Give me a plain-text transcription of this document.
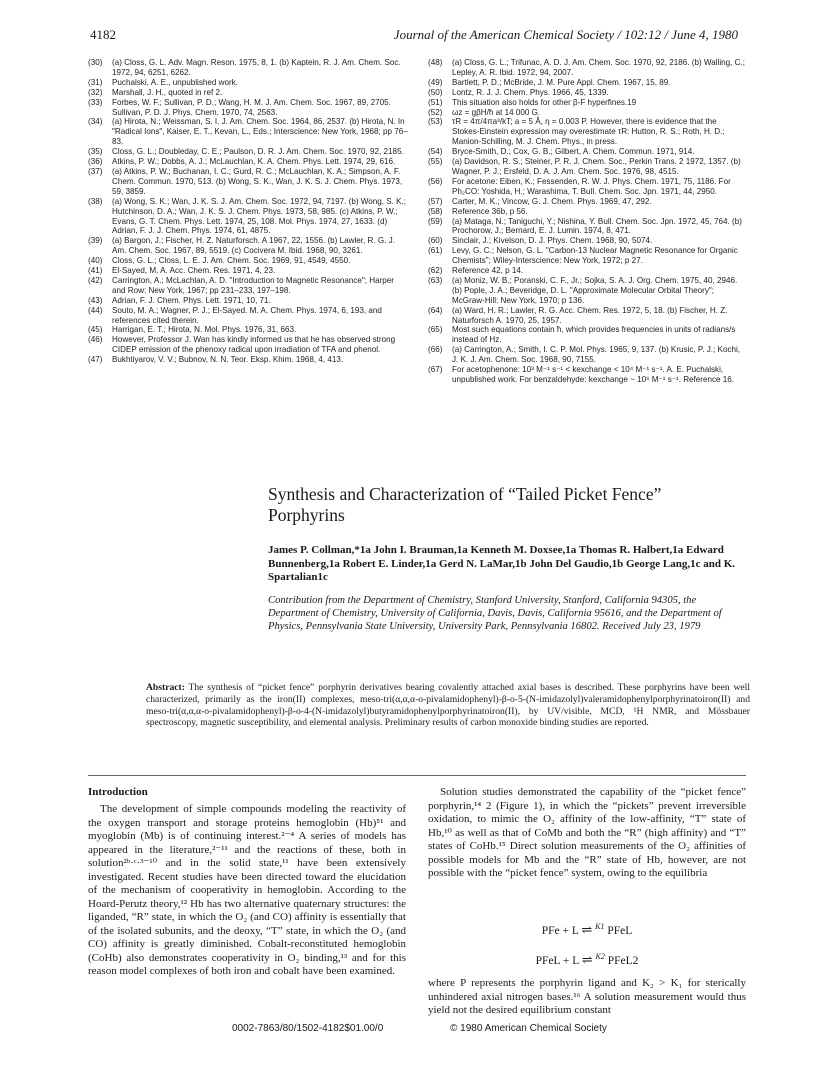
4182	Journal of the American Chemical Society / 102:12 / June 4, 1980
(30)	(a) Closs, G. L. Adv. Magn. Reson. 1975, 8, 1. (b) Kaptein, R. J. Am. Chem. Soc. 1972, 94, 6251, 6262.
(31)	Puchalski, A. E., unpublished work.
(32)	Marshall, J. H., quoted in ref 2.
(33)	Forbes, W. F.; Sullivan, P. D.; Wang, H. M. J. Am. Chem. Soc. 1967, 89, 2705. Sullivan, P. D. J. Phys. Chem. 1970, 74, 2563.
(34)	(a) Hirota, N.; Weissman, S. I. J. Am. Chem. Soc. 1964, 86, 2537. (b) Hirota, N. In "Radical Ions", Kaiser, E. T., Kevan, L., Eds.; Interscience: New York, 1968; pp 76–83.
(35)	Closs, G. L.; Doubleday, C. E.; Paulson, D. R. J. Am. Chem. Soc. 1970, 92, 2185.
(36)	Atkins, P. W.; Dobbs, A. J.; McLauchlan, K. A. Chem. Phys. Lett. 1974, 29, 616.
(37)	(a) Atkins, P. W.; Buchanan, I. C.; Gurd, R. C.; McLauchlan, K. A.; Simpson, A. F. Chem. Commun. 1970, 513. (b) Wong, S. K., Wan, J. K. S. J. Chem. Phys. 1973, 59, 3859.
(38)	(a) Wong, S. K.; Wan, J. K. S. J. Am. Chem. Soc. 1972, 94, 7197. (b) Wong, S. K.; Hutchinson, D. A.; Wan, J. K. S. J. Chem. Phys. 1973, 58, 985. (c) Atkins, P. W.; Evans, G. T. Chem. Phys. Lett. 1974, 25, 108. Mol. Phys. 1974, 27, 1633. (d) Adrian, F. J. J. Chem. Phys. 1974, 61, 4875.
(39)	(a) Bargon, J.; Fischer, H. Z. Naturforsch. A 1967, 22, 1556. (b) Lawler, R. G. J. Am. Chem. Soc. 1967, 89, 5519. (c) Cocivera M. Ibid. 1968, 90, 3261.
(40)	Closs, G. L.; Closs, L. E. J. Am. Chem. Soc. 1969, 91, 4549, 4550.
(41)	El-Sayed, M. A. Acc. Chem. Res. 1971, 4, 23.
(42)	Carrington, A.; McLachlan, A. D. "Introduction to Magnetic Resonance"; Harper and Row: New York, 1967; pp 231–233, 197–198.
(43)	Adrian, F. J. Chem. Phys. Lett. 1971, 10, 71.
(44)	Souto, M. A.; Wagner, P. J.; El-Sayed. M. A. Chem. Phys. 1974, 6, 193, and references cited therein.
(45)	Harrigan, E. T.; Hirota, N. Mol. Phys. 1976, 31, 663.
(46)	However, Professor J. Wan has kindly informed us that he has observed strong CIDEP emission of the phenoxy radical upon irradiation of TFA and phenol.
(47)	Bukhtiyarov, V. V.; Bubnov, N. N. Teor. Eksp. Khim. 1968, 4, 413.
(48)	(a) Closs, G. L.; Trifunac, A. D. J. Am. Chem. Soc. 1970, 92, 2186. (b) Walling, C.; Lepley, A. R. Ibid. 1972, 94, 2007.
(49)	Bartlett, P. D.; McBride, J. M. Pure Appl. Chem. 1967, 15, 89.
(50)	Lontz, R. J. J. Chem. Phys. 1966, 45, 1339.
(51)	This situation also holds for other β-F hyperfines.19
(52)	ωz = gβH/ħ at 14 000 G.
(53)	τR = 4π/4πa³/kT; a = 5 Å, η = 0.003 P. However, there is evidence that the Stokes-Einstein expression may overestimate τR: Hutton, R. S.; Roth, H. D.; Manion-Schilling, M. J. Chem. Phys., in press.
(54)	Bryce-Smith, D.; Cox, G. B.; Gilbert, A. Chem. Commun. 1971, 914.
(55)	(a) Davidson, R. S.; Steiner, P. R. J. Chem. Soc., Perkin Trans. 2 1972, 1357. (b) Wagner, P. J.; Ersfeld, D. A. J. Am. Chem. Soc. 1976, 98, 4515.
(56)	For acetone: Eiben, K.; Fessenden, R. W. J. Phys. Chem. 1971, 75, 1186. For Ph₂CO: Yoshida, H.; Warashima, T. Bull. Chem. Soc. Jpn. 1971, 44, 2950.
(57)	Carter, M. K.; Vincow, G. J. Chem. Phys. 1969, 47, 292.
(58)	Reference 36b, p 56.
(59)	(a) Mataga, N.; Taniguchi, Y.; Nishina, Y. Bull. Chem. Soc. Jpn. 1972, 45, 764. (b) Prochorow, J.; Bernard, E. J. Lumin. 1974, 8, 471.
(60)	Sinclair, J.; Kivelson, D. J. Phys. Chem. 1968, 90, 5074.
(61)	Levy, G. C.; Nelson, G. L. "Carbon-13 Nuclear Magnetic Resonance for Organic Chemists"; Wiley-Interscience: New York, 1972; p 27.
(62)	Reference 42, p 14.
(63)	(a) Moniz, W. B.; Poranski, C. F., Jr.; Sojka, S. A. J. Org. Chem. 1975, 40, 2946. (b) Pople, J. A.; Beveridge, D. L. "Approximate Molecular Orbital Theory"; McGraw-Hill: New York, 1970; p 136.
(64)	(a) Ward, H. R.; Lawler, R. G. Acc. Chem. Res. 1972, 5, 18. (b) Fischer, H. Z. Naturforsch A. 1970, 25, 1957.
(65)	Most such equations contain ħ, which provides frequencies in units of radians/s instead of Hz.
(66)	(a) Carrington, A.; Smith, I. C. P. Mol. Phys. 1965, 9, 137. (b) Krusic, P. J.; Kochi, J. K. J. Am. Chem. Soc. 1968, 90, 7155.
(67)	For acetophenone: 10³ M⁻¹ s⁻¹ < kexchange < 10⁴ M⁻¹ s⁻¹. A. E. Puchalski, unpublished work. For benzaldehyde: kexchange ~ 10⁶ M⁻¹ s⁻¹. Reference 16.
Synthesis and Characterization of “Tailed Picket Fence” Porphyrins
James P. Collman,*1a John I. Brauman,1a Kenneth M. Doxsee,1a Thomas R. Halbert,1a Edward Bunnenberg,1a Robert E. Linder,1a Gerd N. LaMar,1b John Del Gaudio,1b George Lang,1c and K. Spartalian1c
Contribution from the Department of Chemistry, Stanford University, Stanford, California 94305, the Department of Chemistry, University of California, Davis, Davis, California 95616, and the Department of Physics, Pennsylvania State University, University Park, Pennsylvania 16802. Received July 23, 1979
Abstract: The synthesis of “picket fence” porphyrin derivatives bearing covalently attached axial bases is described. These porphyrins have been well characterized, primarily as the iron(II) complexes, meso-tri(α,α,α-o-pivalamidophenyl)-β-o-5-(N-imidazolyl)valeramidophenylporphyrinatoiron(II) and meso-tri(α,α,α-o-pivalamidophenyl)-β-o-4-(N-imidazolyl)butyramidophenylporphyrinatoiron(II), by UV/visible, MCD, ¹H NMR, and Mössbauer spectroscopy, magnetic susceptibility, and elemental analysis. Preliminary results of carbon monoxide binding studies are reported.
Introduction
The development of simple compounds modeling the reactivity of the oxygen transport and storage proteins hemoglobin (Hb)⁵¹ and myoglobin (Mb) is of continuing interest.²⁻⁴ A series of models has appeared in the literature,²⁻¹¹ and the reactions of these, both in solution²ᵇ·ᶜ·³⁻¹⁰ and in the solid state,¹¹ have been extensively investigated. Recent studies have been directed toward the elucidation of the mechanism of cooperativity in hemoglobin. According to the Hoard-Perutz theory,¹² Hb has two alternative quaternary structures: the liganded, “R” state, in which the O₂ (and CO) affinity is essentially that of the isolated subunits, and the deoxy, “T” state, in which the O₂ (and CO) affinity is greatly diminished. Cobalt-reconstituted hemoglobin (CoHb) also demonstrates cooperativity in O₂ binding,¹³ and for this reason model complexes of both iron and cobalt have been examined.
Solution studies demonstrated the capability of the “picket fence” porphyrin,¹⁴ 2 (Figure 1), in which the “pickets” prevent irreversible oxidation, to mimic the O₂ affinity of the low-affinity, “T” state of Hb,¹⁰ as well as that of CoMb and both the “R” (high affinity) and “T” states of CoHb.¹⁵ Direct solution measurements of the O₂ affinities of possible models for Mb and the “R” state of Hb, however, are not possible with the “picket fence” system, owing to the equilibria
PFe + L ⇌ $^{K1}$ PFeL
PFeL + L ⇌ $^{K2}$ PFeL2
where P represents the porphyrin ligand and K₂ > K₁ for sterically unhindered axial nitrogen bases.¹⁶ A solution measurement would thus yield not the desired equilibrium constant
0002-7863/80/1502-4182$01.00/0	© 1980 American Chemical Society
